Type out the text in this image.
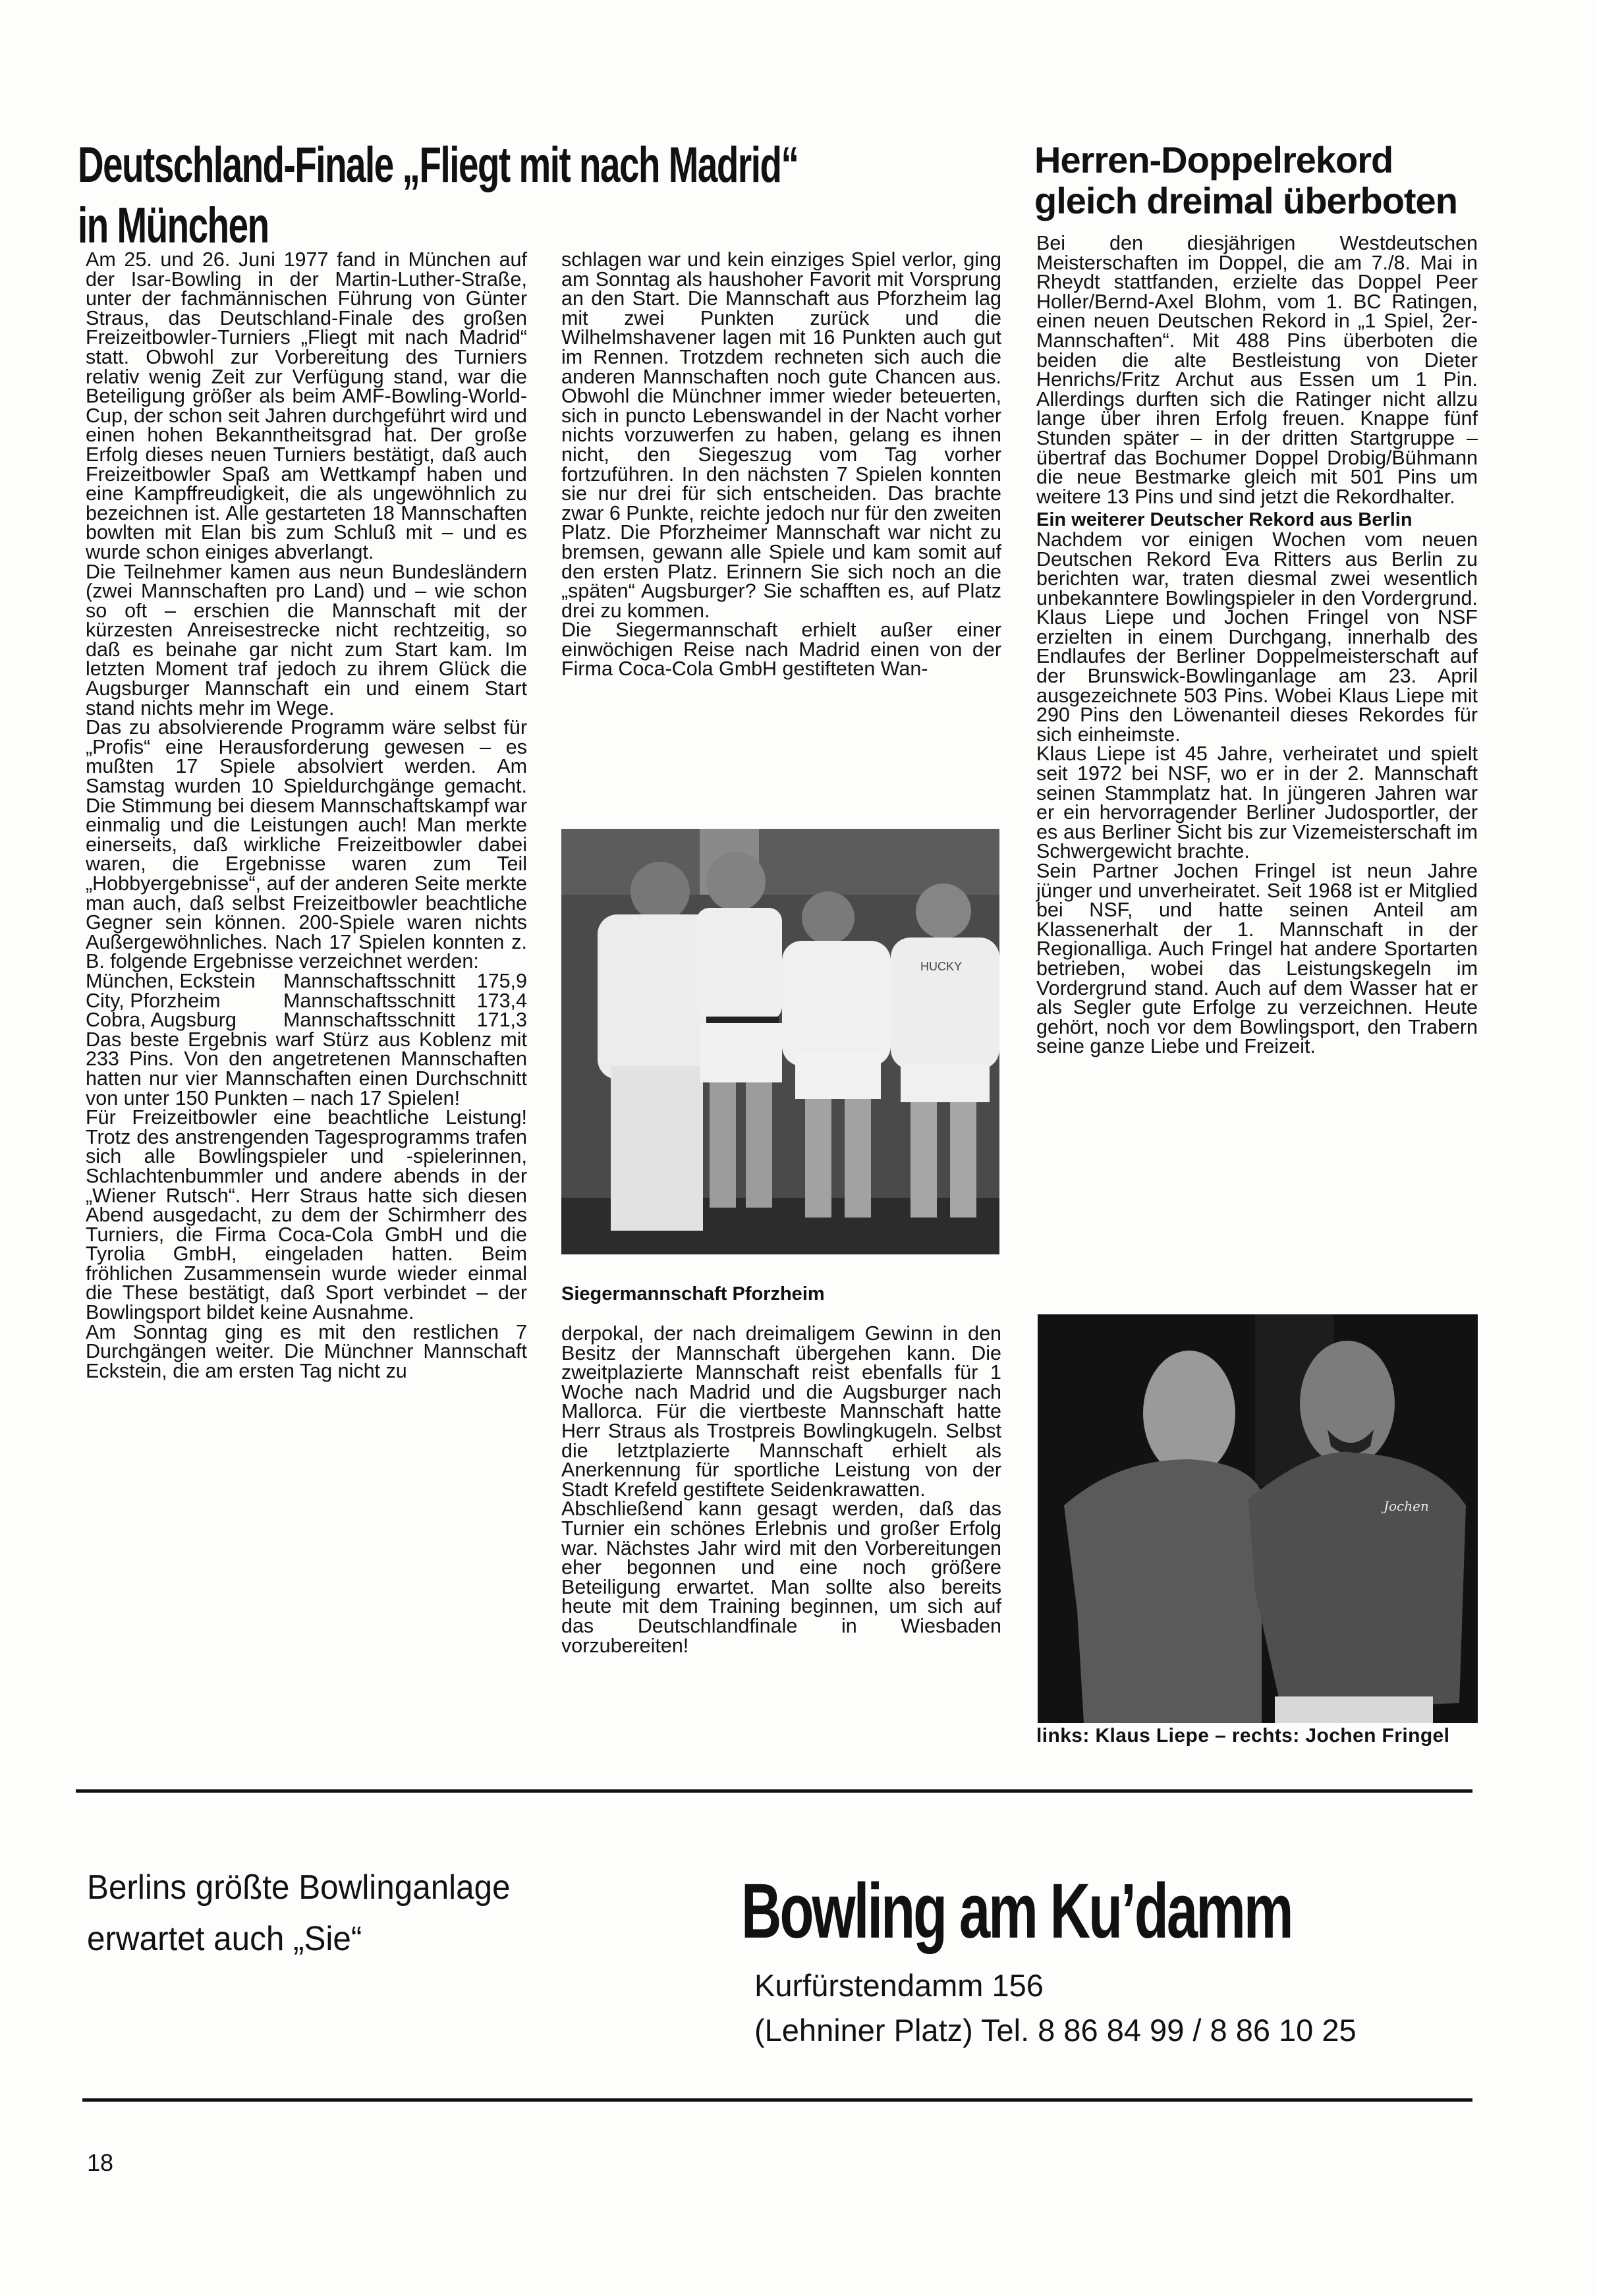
Deutschland-Finale „Fliegt mit nach Madrid“
in München

Am 25. und 26. Juni 1977 fand in München auf der Isar-Bowling in der Martin-Luther-Straße, unter der fachmännischen Führung von Günter Straus, das Deutschland-Finale des großen Freizeitbowler-Turniers „Fliegt mit nach Madrid“ statt. Obwohl zur Vorbereitung des Turniers relativ wenig Zeit zur Verfügung stand, war die Beteiligung größer als beim AMF-Bowling-World-Cup, der schon seit Jahren durchgeführt wird und einen hohen Bekanntheitsgrad hat. Der große Erfolg dieses neuen Turniers bestätigt, daß auch Freizeitbowler Spaß am Wettkampf haben und eine Kampffreudigkeit, die als ungewöhnlich zu bezeichnen ist. Alle gestarteten 18 Mannschaften bowlten mit Elan bis zum Schluß mit – und es wurde schon einiges abverlangt.

Die Teilnehmer kamen aus neun Bundesländern (zwei Mannschaften pro Land) und – wie schon so oft – erschien die Mannschaft mit der kürzesten Anreisestrecke nicht rechtzeitig, so daß es beinahe gar nicht zum Start kam. Im letzten Moment traf jedoch zu ihrem Glück die Augsburger Mannschaft ein und einem Start stand nichts mehr im Wege.

Das zu absolvierende Programm wäre selbst für „Profis“ eine Herausforderung gewesen – es mußten 17 Spiele absolviert werden. Am Samstag wurden 10 Spieldurchgänge gemacht. Die Stimmung bei diesem Mannschaftskampf war einmalig und die Leistungen auch! Man merkte einerseits, daß wirkliche Freizeitbowler dabei waren, die Ergebnisse waren zum Teil „Hobbyergebnisse“, auf der anderen Seite merkte man auch, daß selbst Freizeitbowler beachtliche Gegner sein können. 200-Spiele waren nichts Außergewöhnliches. Nach 17 Spielen konnten z. B. folgende Ergebnisse verzeichnet werden:

München, Eckstein	Mannschaftsschnitt	175,9
City, Pforzheim	Mannschaftsschnitt	173,4
Cobra, Augsburg	Mannschaftsschnitt	171,3

Das beste Ergebnis warf Stürz aus Koblenz mit 233 Pins. Von den angetretenen Mannschaften hatten nur vier Mannschaften einen Durchschnitt von unter 150 Punkten – nach 17 Spielen!

Für Freizeitbowler eine beachtliche Leistung! Trotz des anstrengenden Tagesprogramms trafen sich alle Bowlingspieler und -spielerinnen, Schlachtenbummler und andere abends in der „Wiener Rutsch“. Herr Straus hatte sich diesen Abend ausgedacht, zu dem der Schirmherr des Turniers, die Firma Coca-Cola GmbH und die Tyrolia GmbH, eingeladen hatten. Beim fröhlichen Zusammensein wurde wieder einmal die These bestätigt, daß Sport verbindet – der Bowlingsport bildet keine Ausnahme.

Am Sonntag ging es mit den restlichen 7 Durchgängen weiter. Die Münchner Mannschaft Eckstein, die am ersten Tag nicht zu

schlagen war und kein einziges Spiel verlor, ging am Sonntag als haushoher Favorit mit Vorsprung an den Start. Die Mannschaft aus Pforzheim lag mit zwei Punkten zurück und die Wilhelmshavener lagen mit 16 Punkten auch gut im Rennen. Trotzdem rechneten sich auch die anderen Mannschaften noch gute Chancen aus. Obwohl die Münchner immer wieder beteuerten, sich in puncto Lebenswandel in der Nacht vorher nichts vorzuwerfen zu haben, gelang es ihnen nicht, den Siegeszug vom Tag vorher fortzuführen. In den nächsten 7 Spielen konnten sie nur drei für sich entscheiden. Das brachte zwar 6 Punkte, reichte jedoch nur für den zweiten Platz. Die Pforzheimer Mannschaft war nicht zu bremsen, gewann alle Spiele und kam somit auf den ersten Platz. Erinnern Sie sich noch an die „späten“ Augsburger? Sie schafften es, auf Platz drei zu kommen.

Die Siegermannschaft erhielt außer einer einwöchigen Reise nach Madrid einen von der Firma Coca-Cola GmbH gestifteten Wan-

HUCKY
Siegermannschaft Pforzheim

derpokal, der nach dreimaligem Gewinn in den Besitz der Mannschaft übergehen kann. Die zweitplazierte Mannschaft reist ebenfalls für 1 Woche nach Madrid und die Augsburger nach Mallorca. Für die viertbeste Mannschaft hatte Herr Straus als Trostpreis Bowlingkugeln. Selbst die letztplazierte Mannschaft erhielt als Anerkennung für sportliche Leistung von der Stadt Krefeld gestiftete Seidenkrawatten.

Abschließend kann gesagt werden, daß das Turnier ein schönes Erlebnis und großer Erfolg war. Nächstes Jahr wird mit den Vorbereitungen eher begonnen und eine noch größere Beteiligung erwartet. Man sollte also bereits heute mit dem Training beginnen, um sich auf das Deutschlandfinale in Wiesbaden vorzubereiten!

Herren-Doppelrekord
gleich dreimal überboten

Bei den diesjährigen Westdeutschen Meisterschaften im Doppel, die am 7./8. Mai in Rheydt stattfanden, erzielte das Doppel Peer Holler/Bernd-Axel Blohm, vom 1. BC Ratingen, einen neuen Deutschen Rekord in „1 Spiel, 2er-Mannschaften“. Mit 488 Pins überboten die beiden die alte Bestleistung von Dieter Henrichs/Fritz Archut aus Essen um 1 Pin. Allerdings durften sich die Ratinger nicht allzu lange über ihren Erfolg freuen. Knappe fünf Stunden später – in der dritten Startgruppe – übertraf das Bochumer Doppel Drobig/Bühmann die neue Bestmarke gleich mit 501 Pins um weitere 13 Pins und sind jetzt die Rekordhalter.

Ein weiterer Deutscher Rekord aus Berlin

Nachdem vor einigen Wochen vom neuen Deutschen Rekord Eva Ritters aus Berlin zu berichten war, traten diesmal zwei wesentlich unbekanntere Bowlingspieler in den Vordergrund. Klaus Liepe und Jochen Fringel von NSF erzielten in einem Durchgang, innerhalb des Endlaufes der Berliner Doppelmeisterschaft auf der Brunswick-Bowlinganlage am 23. April ausgezeichnete 503 Pins. Wobei Klaus Liepe mit 290 Pins den Löwenanteil dieses Rekordes für sich einheimste.

Klaus Liepe ist 45 Jahre, verheiratet und spielt seit 1972 bei NSF, wo er in der 2. Mannschaft seinen Stammplatz hat. In jüngeren Jahren war er ein hervorragender Berliner Judosportler, der es aus Berliner Sicht bis zur Vizemeisterschaft im Schwergewicht brachte.

Sein Partner Jochen Fringel ist neun Jahre jünger und unverheiratet. Seit 1968 ist er Mitglied bei NSF, und hatte seinen Anteil am Klassenerhalt der 1. Mannschaft in der Regionalliga. Auch Fringel hat andere Sportarten betrieben, wobei das Leistungskegeln im Vordergrund stand. Auch auf dem Wasser hat er als Segler gute Erfolge zu verzeichnen. Heute gehört, noch vor dem Bowlingsport, den Trabern seine ganze Liebe und Freizeit.

Jochen
links: Klaus Liepe – rechts: Jochen Fringel
Berlins größte Bowlinganlage
erwartet auch „Sie“	Bowling am Ku’damm
Kurfürstendamm 156
(Lehniner Platz) Tel. 8 86 84 99 / 8 86 10 25
18
